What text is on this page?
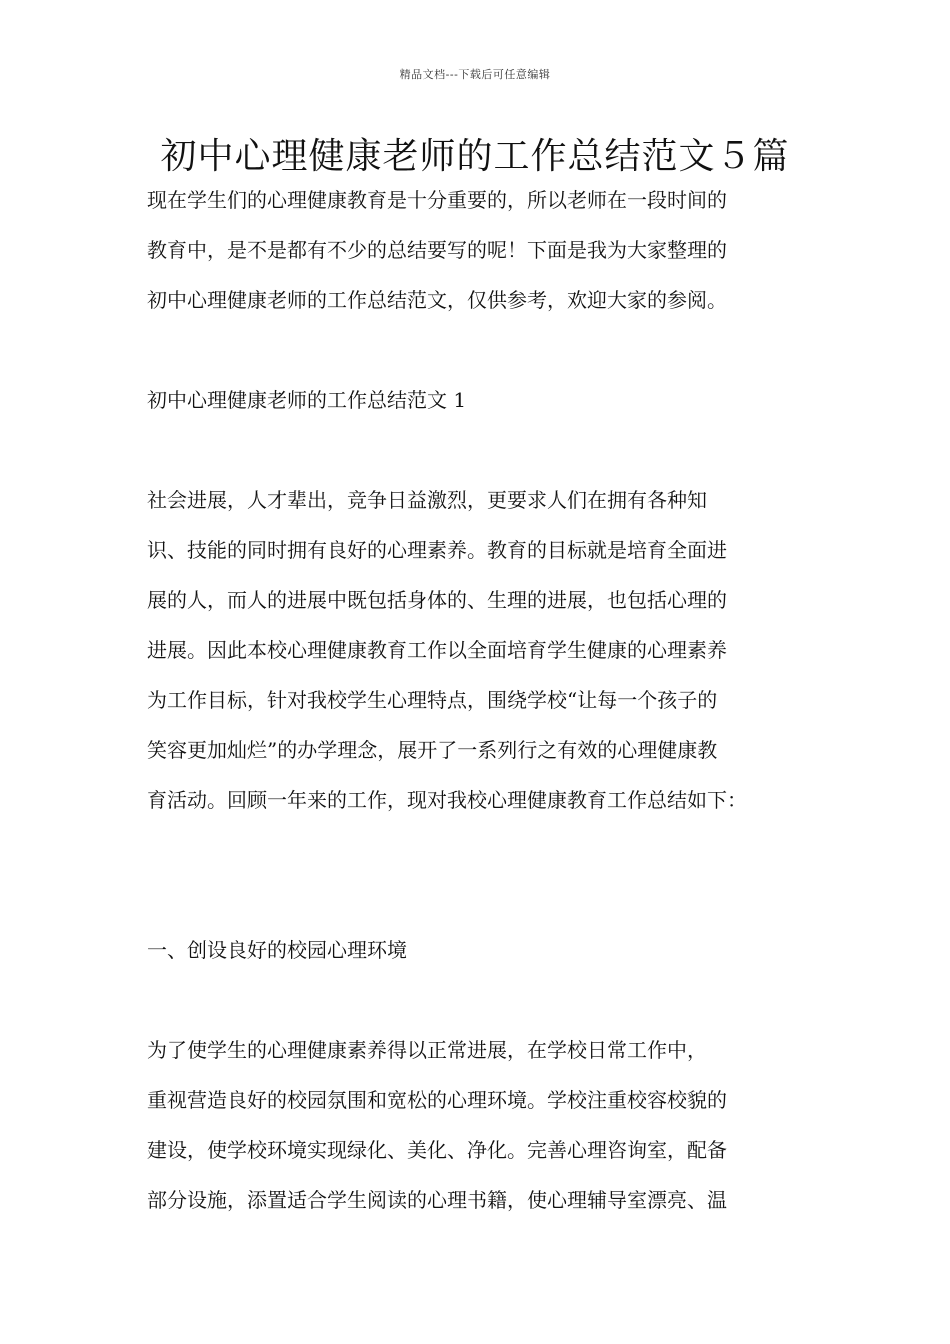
精品文档---下载后可任意编辑
初中心理健康老师的工作总结范文５篇
现在学生们的心理健康教育是十分重要的，所以老师在一段时间的
教育中，是不是都有不少的总结要写的呢！下面是我为大家整理的
初中心理健康老师的工作总结范文，仅供参考，欢迎大家的参阅。
初中心理健康老师的工作总结范文 1
社会进展，人才辈出，竞争日益激烈，更要求人们在拥有各种知
识、技能的同时拥有良好的心理素养。教育的目标就是培育全面进
展的人，而人的进展中既包括身体的、生理的进展，也包括心理的
进展。因此本校心理健康教育工作以全面培育学生健康的心理素养
为工作目标，针对我校学生心理特点，围绕学校“让每一个孩子的
笑容更加灿烂”的办学理念，展开了一系列行之有效的心理健康教
育活动。回顾一年来的工作，现对我校心理健康教育工作总结如下：
一、创设良好的校园心理环境
为了使学生的心理健康素养得以正常进展，在学校日常工作中，
重视营造良好的校园氛围和宽松的心理环境。学校注重校容校貌的
建设，使学校环境实现绿化、美化、净化。完善心理咨询室，配备
部分设施，添置适合学生阅读的心理书籍，使心理辅导室漂亮、温
